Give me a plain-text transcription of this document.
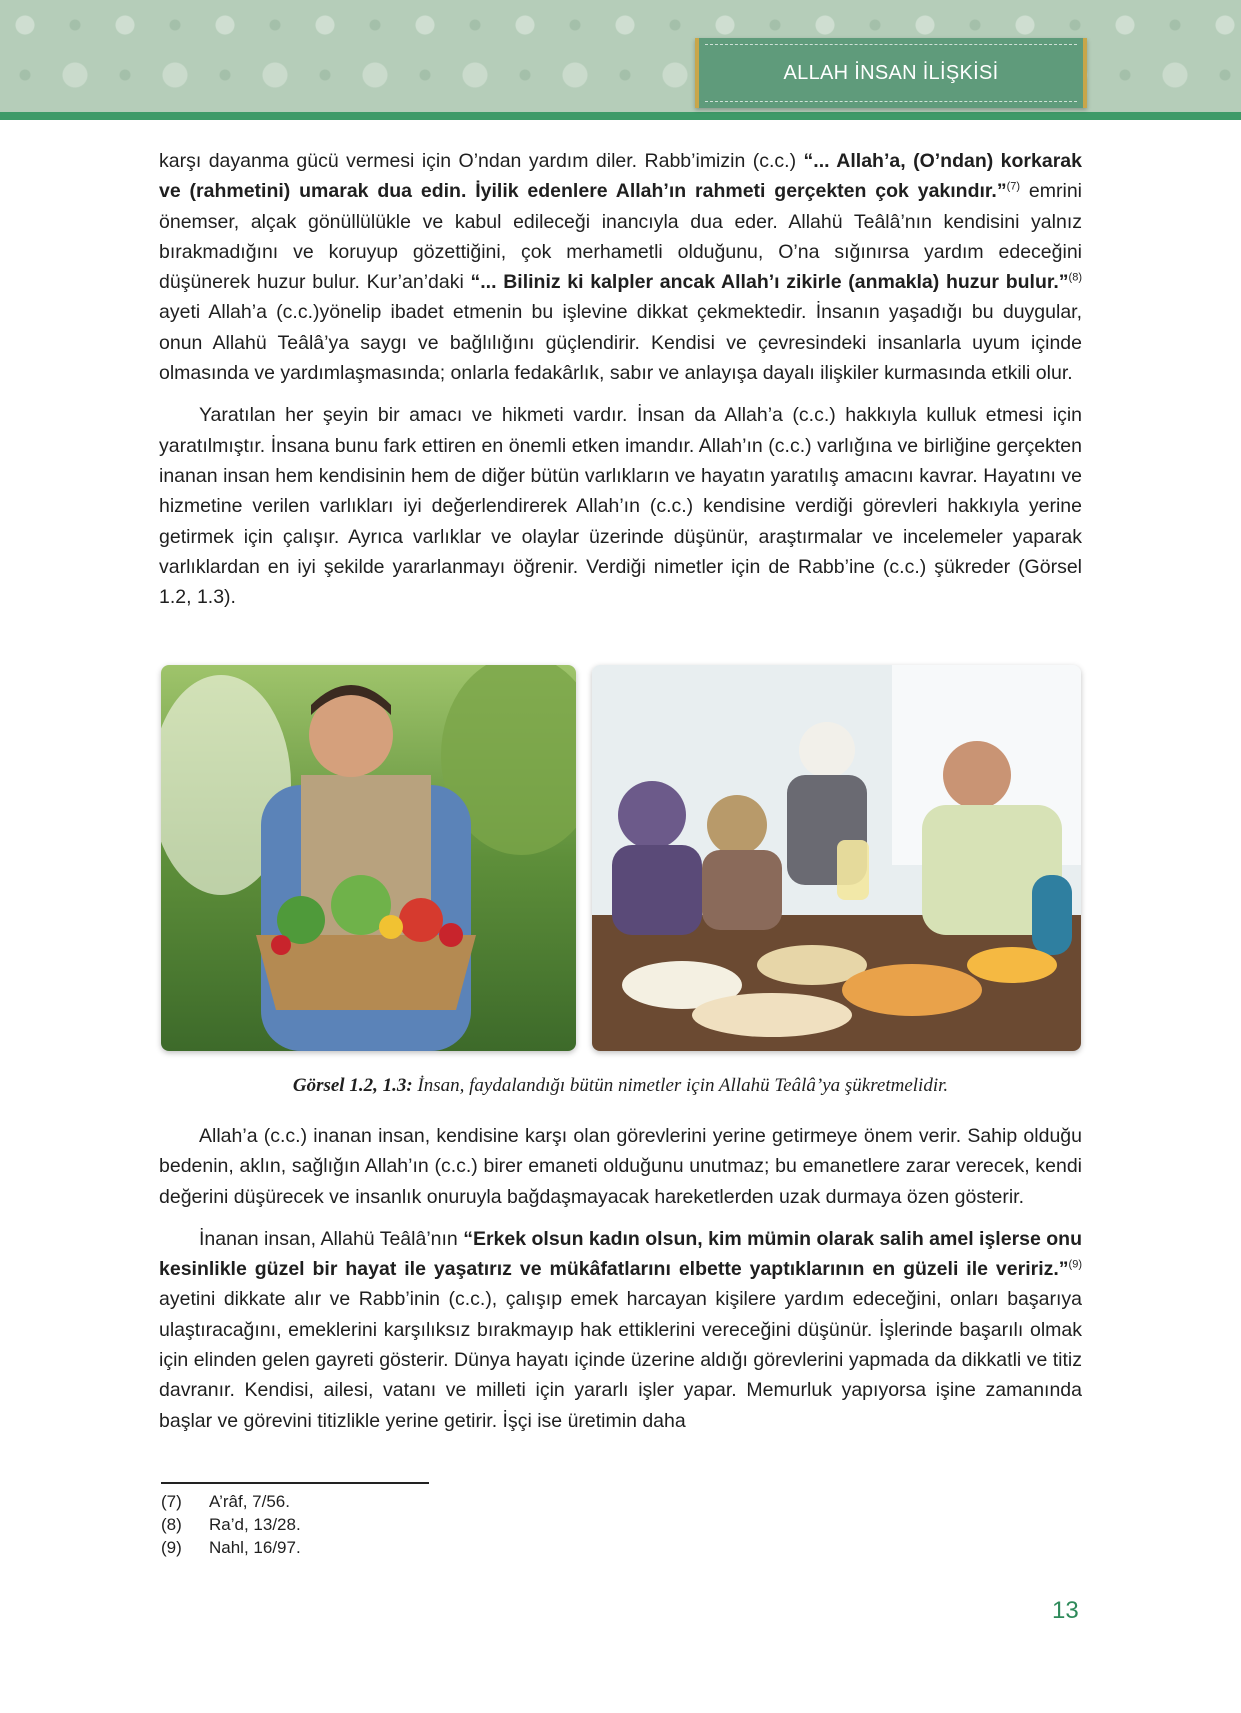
ALLAH İNSAN İLİŞKİSİ

karşı dayanma gücü vermesi için O’ndan yardım diler. Rabb’imizin (c.c.) “... Allah’a, (O’ndan) korkarak ve (rahmetini) umarak dua edin. İyilik edenlere Allah’ın rahmeti gerçekten çok yakındır.”$^{(7)}$ emrini önemser, alçak gönüllülükle ve kabul edileceği inancıyla dua eder. Allahü Teâlâ’nın kendisini yalnız bırakmadığını ve koruyup gözettiğini, çok merhametli olduğunu, O’na sığınırsa yardım edeceğini düşünerek huzur bulur. Kur’an’daki “... Biliniz ki kalpler ancak Allah’ı zikirle (anmakla) huzur bulur.”$^{(8)}$ ayeti Allah’a (c.c.)yönelip ibadet etmenin bu işlevine dikkat çekmektedir. İnsanın yaşadığı bu duygular, onun Allahü Teâlâ’ya saygı ve bağlılığını güçlendirir. Kendisi ve çevresindeki insanlarla uyum içinde olmasında ve yardımlaşmasında; onlarla fedakârlık, sabır ve anlayışa dayalı ilişkiler kurmasında etkili olur.

Yaratılan her şeyin bir amacı ve hikmeti vardır. İnsan da Allah’a (c.c.) hakkıyla kulluk etmesi için yaratılmıştır. İnsana bunu fark ettiren en önemli etken imandır. Allah’ın (c.c.) varlığına ve birliğine gerçekten inanan insan hem kendisinin hem de diğer bütün varlıkların ve hayatın yaratılış amacını kavrar. Hayatını ve hizmetine verilen varlıkları iyi değerlendirerek Allah’ın (c.c.) kendisine verdiği görevleri hakkıyla yerine getirmek için çalışır. Ayrıca varlıklar ve olaylar üzerinde düşünür, araştırmalar ve incelemeler yaparak varlıklardan en iyi şekilde yararlanmayı öğrenir. Verdiği nimetler için de Rabb’ine (c.c.) şükreder (Görsel 1.2, 1.3).

Görsel 1.2, 1.3: İnsan, faydalandığı bütün nimetler için Allahü Teâlâ’ya şükretmelidir.

Allah’a (c.c.) inanan insan, kendisine karşı olan görevlerini yerine getirmeye önem verir. Sahip olduğu bedenin, aklın, sağlığın Allah’ın (c.c.) birer emaneti olduğunu unutmaz; bu emanetlere zarar verecek, kendi değerini düşürecek ve insanlık onuruyla bağdaşmayacak hareketlerden uzak durmaya özen gösterir.

İnanan insan, Allahü Teâlâ’nın “Erkek olsun kadın olsun, kim mümin olarak salih amel işlerse onu kesinlikle güzel bir hayat ile yaşatırız ve mükâfatlarını elbette yaptıklarının en güzeli ile veririz.”$^{(9)}$ ayetini dikkate alır ve Rabb’inin (c.c.), çalışıp emek harcayan kişilere yardım edeceğini, onları başarıya ulaştıracağını, emeklerini karşılıksız bırakmayıp hak ettiklerini vereceğini düşünür. İşlerinde başarılı olmak için elinden gelen gayreti gösterir. Dünya hayatı içinde üzerine aldığı görevlerini yapmada da dikkatli ve titiz davranır. Kendisi, ailesi, vatanı ve milleti için yararlı işler yapar. Memurluk yapıyorsa işine zamanında başlar ve görevini titizlikle yerine getirir. İşçi ise üretimin daha

(7)	A’râf, 7/56.
(8)	Ra’d, 13/28.
(9)	Nahl, 16/97.
13
